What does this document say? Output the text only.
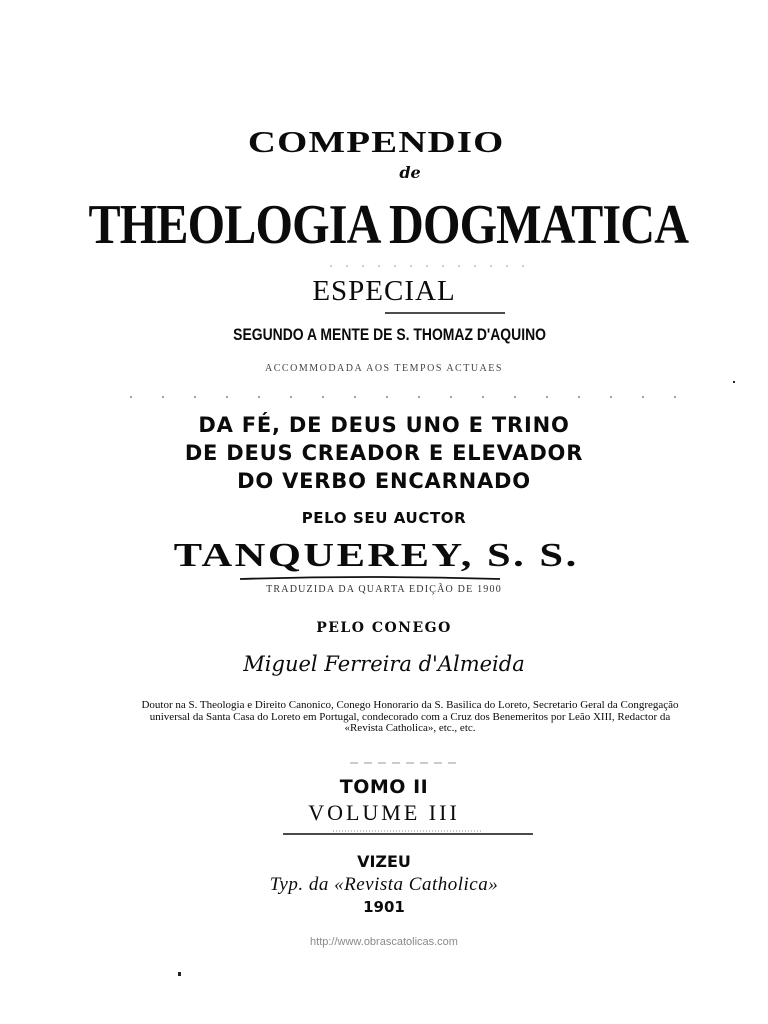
COMPENDIO
de
THEOLOGIA DOGMATICA
ESPECIAL
SEGUNDO A MENTE DE S. THOMAZ D'AQUINO
ACCOMMODADA AOS TEMPOS ACTUAES
DA FÉ, DE DEUS UNO E TRINO
DE DEUS CREADOR E ELEVADOR
DO VERBO ENCARNADO
PELO SEU AUCTOR
TANQUEREY, S. S.
TRADUZIDA DA QUARTA EDIÇÃO DE 1900
PELO CONEGO
Miguel Ferreira d'Almeida
Doutor na S. Theologia e Direito Canonico, Conego Honorario da S. Basilica do Loreto, Secretario Geral da Congregação universal da Santa Casa do Loreto em Portugal, condecorado com a Cruz dos Benemeritos por Leão XIII, Redactor da «Revista Catholica», etc., etc.
TOMO II
VOLUME III
VIZEU
Typ. da «Revista Catholica»
1901
http://www.obrascatolicas.com
